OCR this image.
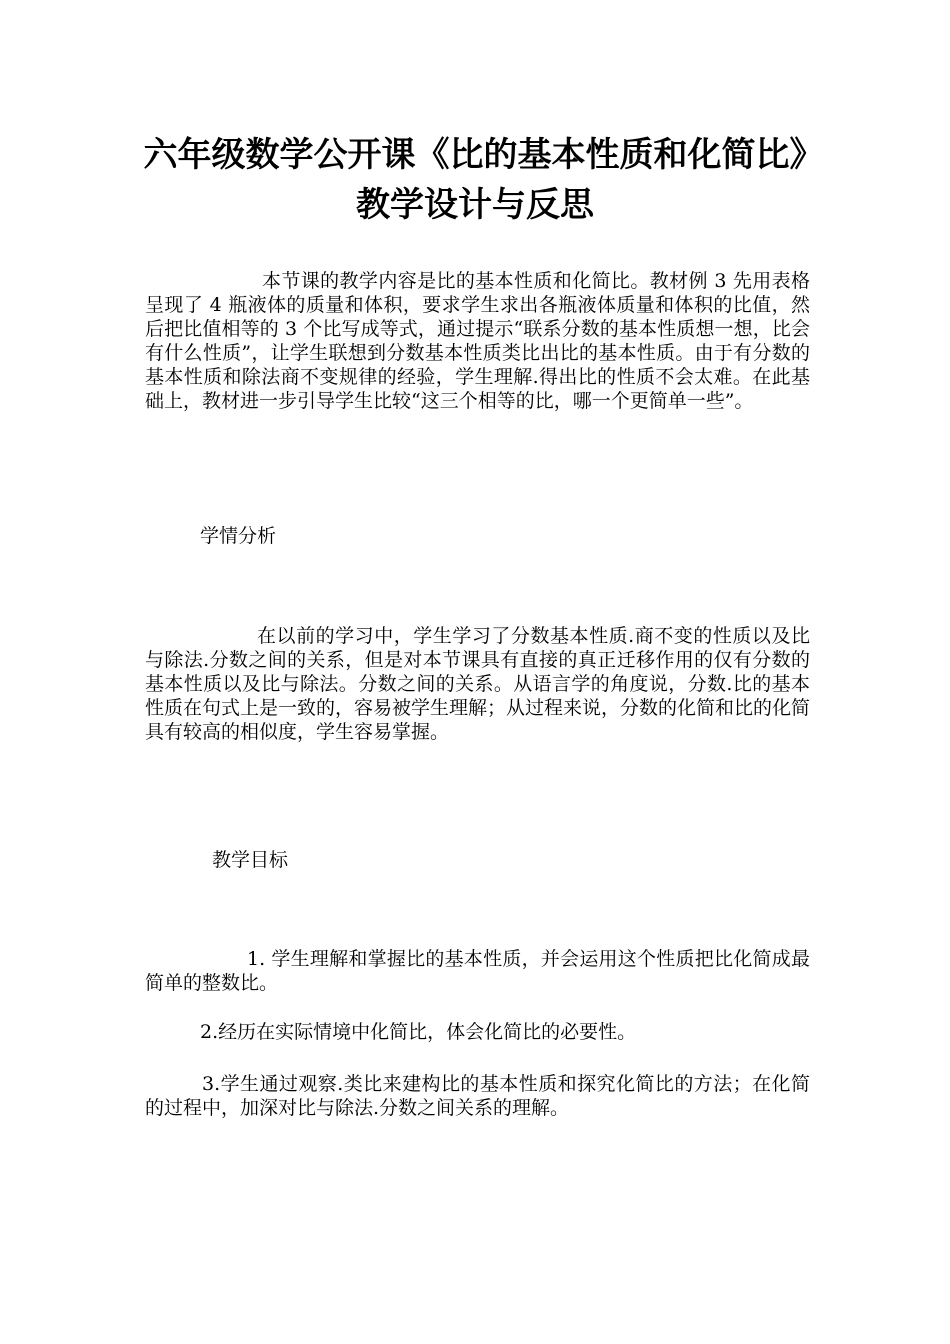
六年级数学公开课《比的基本性质和化简比》教学设计与反思

本节课的教学内容是比的基本性质和化简比。教材例 3 先用表格呈现了 4 瓶液体的质量和体积，要求学生求出各瓶液体质量和体积的比值，然后把比值相等的 3 个比写成等式，通过提示“联系分数的基本性质想一想，比会有什么性质”，让学生联想到分数基本性质类比出比的基本性质。由于有分数的基本性质和除法商不变规律的经验，学生理解.得出比的性质不会太难。在此基础上，教材进一步引导学生比较“这三个相等的比，哪一个更简单一些”。

学情分析

在以前的学习中，学生学习了分数基本性质.商不变的性质以及比与除法.分数之间的关系，但是对本节课具有直接的真正迁移作用的仅有分数的基本性质以及比与除法。分数之间的关系。从语言学的角度说，分数.比的基本性质在句式上是一致的，容易被学生理解；从过程来说，分数的化简和比的化简具有较高的相似度，学生容易掌握。

教学目标

1. 学生理解和掌握比的基本性质，并会运用这个性质把比化简成最简单的整数比。

2.经历在实际情境中化简比，体会化简比的必要性。

3.学生通过观察.类比来建构比的基本性质和探究化简比的方法；在化简的过程中，加深对比与除法.分数之间关系的理解。
